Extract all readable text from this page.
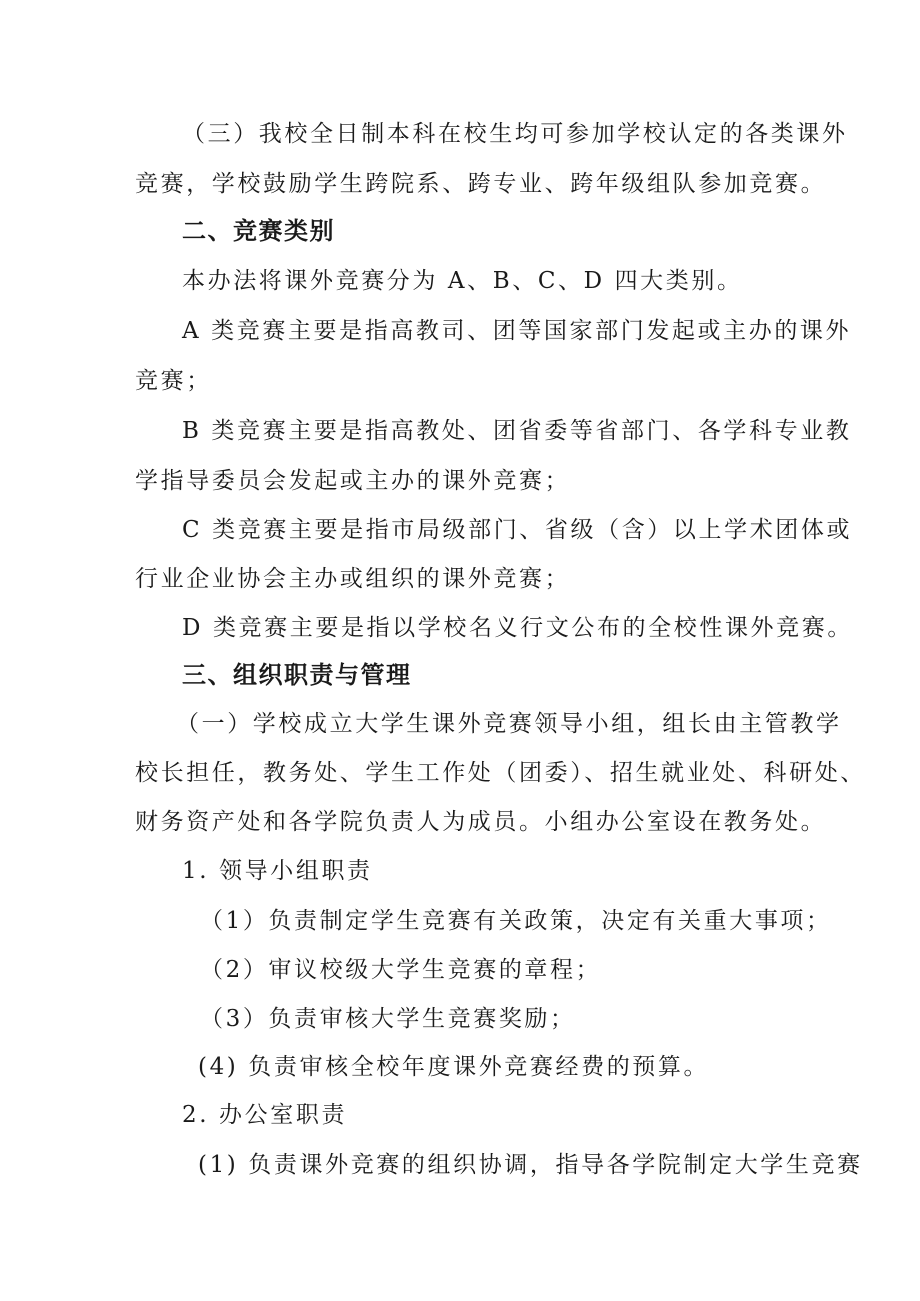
（三）我校全日制本科在校生均可参加学校认定的各类课外
竞赛，学校鼓励学生跨院系、跨专业、跨年级组队参加竞赛。
二、竞赛类别
本办法将课外竞赛分为 A、B、C、D 四大类别。
A 类竞赛主要是指高教司、团等国家部门发起或主办的课外
竞赛；
B 类竞赛主要是指高教处、团省委等省部门、各学科专业教
学指导委员会发起或主办的课外竞赛；
C 类竞赛主要是指市局级部门、省级（含）以上学术团体或
行业企业协会主办或组织的课外竞赛；
D 类竞赛主要是指以学校名义行文公布的全校性课外竞赛。
三、组织职责与管理
（一）学校成立大学生课外竞赛领导小组，组长由主管教学
校长担任，教务处、学生工作处（团委）、招生就业处、科研处、
财务资产处和各学院负责人为成员。小组办公室设在教务处。
1. 领导小组职责
（1）负责制定学生竞赛有关政策，决定有关重大事项；
（2）审议校级大学生竞赛的章程；
（3）负责审核大学生竞赛奖励；
(4) 负责审核全校年度课外竞赛经费的预算。
2. 办公室职责
(1) 负责课外竞赛的组织协调，指导各学院制定大学生竞赛
